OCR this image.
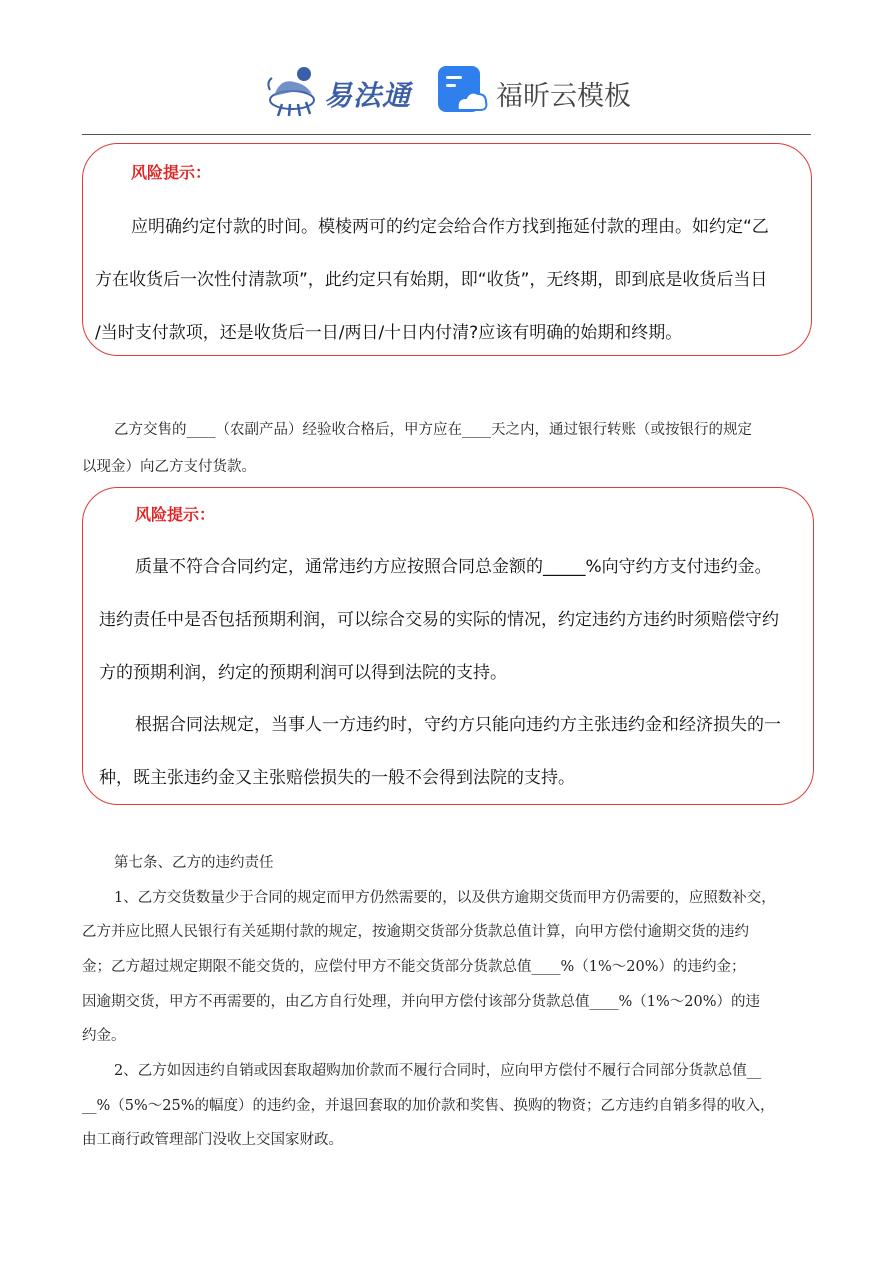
易法通	福昕云模板
风险提示：
应明确约定付款的时间。模棱两可的约定会给合作方找到拖延付款的理由。如约定“乙
方在收货后一次性付清款项”，此约定只有始期，即“收货”，无终期，即到底是收货后当日
/当时支付款项，还是收货后一日/两日/十日内付清?应该有明确的始期和终期。
乙方交售的____（农副产品）经验收合格后，甲方应在____天之内，通过银行转账（或按银行的规定
以现金）向乙方支付货款。
风险提示：
质量不符合合同约定，通常违约方应按照合同总金额的_____%向守约方支付违约金。
违约责任中是否包括预期利润，可以综合交易的实际的情况，约定违约方违约时须赔偿守约
方的预期利润，约定的预期利润可以得到法院的支持。
根据合同法规定，当事人一方违约时，守约方只能向违约方主张违约金和经济损失的一
种，既主张违约金又主张赔偿损失的一般不会得到法院的支持。
第七条、乙方的违约责任
1、乙方交货数量少于合同的规定而甲方仍然需要的，以及供方逾期交货而甲方仍需要的，应照数补交，
乙方并应比照人民银行有关延期付款的规定，按逾期交货部分货款总值计算，向甲方偿付逾期交货的违约
金；乙方超过规定期限不能交货的，应偿付甲方不能交货部分货款总值____%（1%～20%）的违约金；
因逾期交货，甲方不再需要的，由乙方自行处理，并向甲方偿付该部分货款总值____%（1%～20%）的违
约金。
2、乙方如因违约自销或因套取超购加价款而不履行合同时，应向甲方偿付不履行合同部分货款总值__
__%（5%～25%的幅度）的违约金，并退回套取的加价款和奖售、换购的物资；乙方违约自销多得的收入，
由工商行政管理部门没收上交国家财政。
